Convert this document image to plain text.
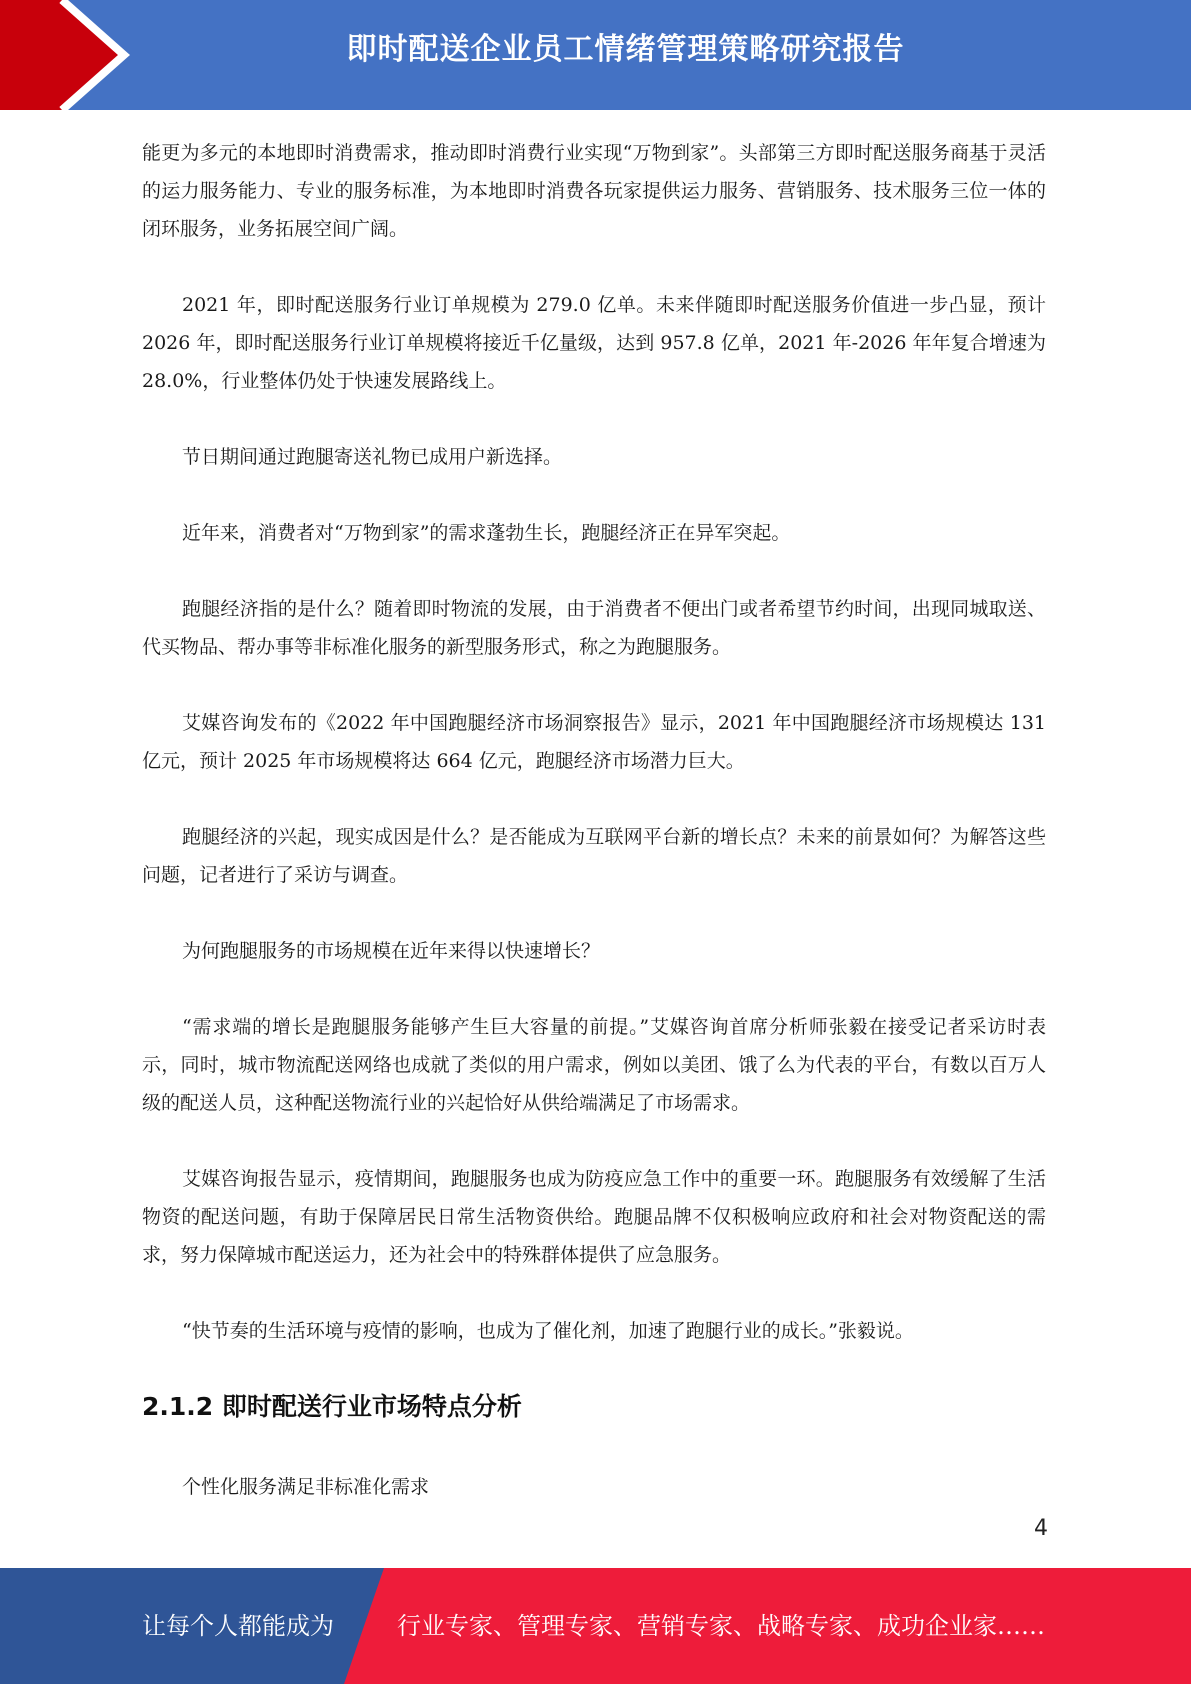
即时配送企业员工情绪管理策略研究报告

能更为多元的本地即时消费需求，推动即时消费行业实现“万物到家”。头部第三方即时配送服务商基于灵活的运力服务能力、专业的服务标准，为本地即时消费各玩家提供运力服务、营销服务、技术服务三位一体的闭环服务，业务拓展空间广阔。

2021 年，即时配送服务行业订单规模为 279.0 亿单。未来伴随即时配送服务价值进一步凸显，预计 2026 年，即时配送服务行业订单规模将接近千亿量级，达到 957.8 亿单，2021 年-2026 年年复合增速为 28.0%，行业整体仍处于快速发展路线上。

节日期间通过跑腿寄送礼物已成用户新选择。

近年来，消费者对“万物到家”的需求蓬勃生长，跑腿经济正在异军突起。

跑腿经济指的是什么？随着即时物流的发展，由于消费者不便出门或者希望节约时间，出现同城取送、代买物品、帮办事等非标准化服务的新型服务形式，称之为跑腿服务。

艾媒咨询发布的《2022 年中国跑腿经济市场洞察报告》显示，2021 年中国跑腿经济市场规模达 131 亿元，预计 2025 年市场规模将达 664 亿元，跑腿经济市场潜力巨大。

跑腿经济的兴起，现实成因是什么？是否能成为互联网平台新的增长点？未来的前景如何？为解答这些问题，记者进行了采访与调查。

为何跑腿服务的市场规模在近年来得以快速增长？

“需求端的增长是跑腿服务能够产生巨大容量的前提。”艾媒咨询首席分析师张毅在接受记者采访时表示，同时，城市物流配送网络也成就了类似的用户需求，例如以美团、饿了么为代表的平台，有数以百万人级的配送人员，这种配送物流行业的兴起恰好从供给端满足了市场需求。

艾媒咨询报告显示，疫情期间，跑腿服务也成为防疫应急工作中的重要一环。跑腿服务有效缓解了生活物资的配送问题，有助于保障居民日常生活物资供给。跑腿品牌不仅积极响应政府和社会对物资配送的需求，努力保障城市配送运力，还为社会中的特殊群体提供了应急服务。

“快节奏的生活环境与疫情的影响，也成为了催化剂，加速了跑腿行业的成长。”张毅说。

2.1.2 即时配送行业市场特点分析

个性化服务满足非标准化需求

4
让每个人都能成为	行业专家、管理专家、营销专家、战略专家、成功企业家……
